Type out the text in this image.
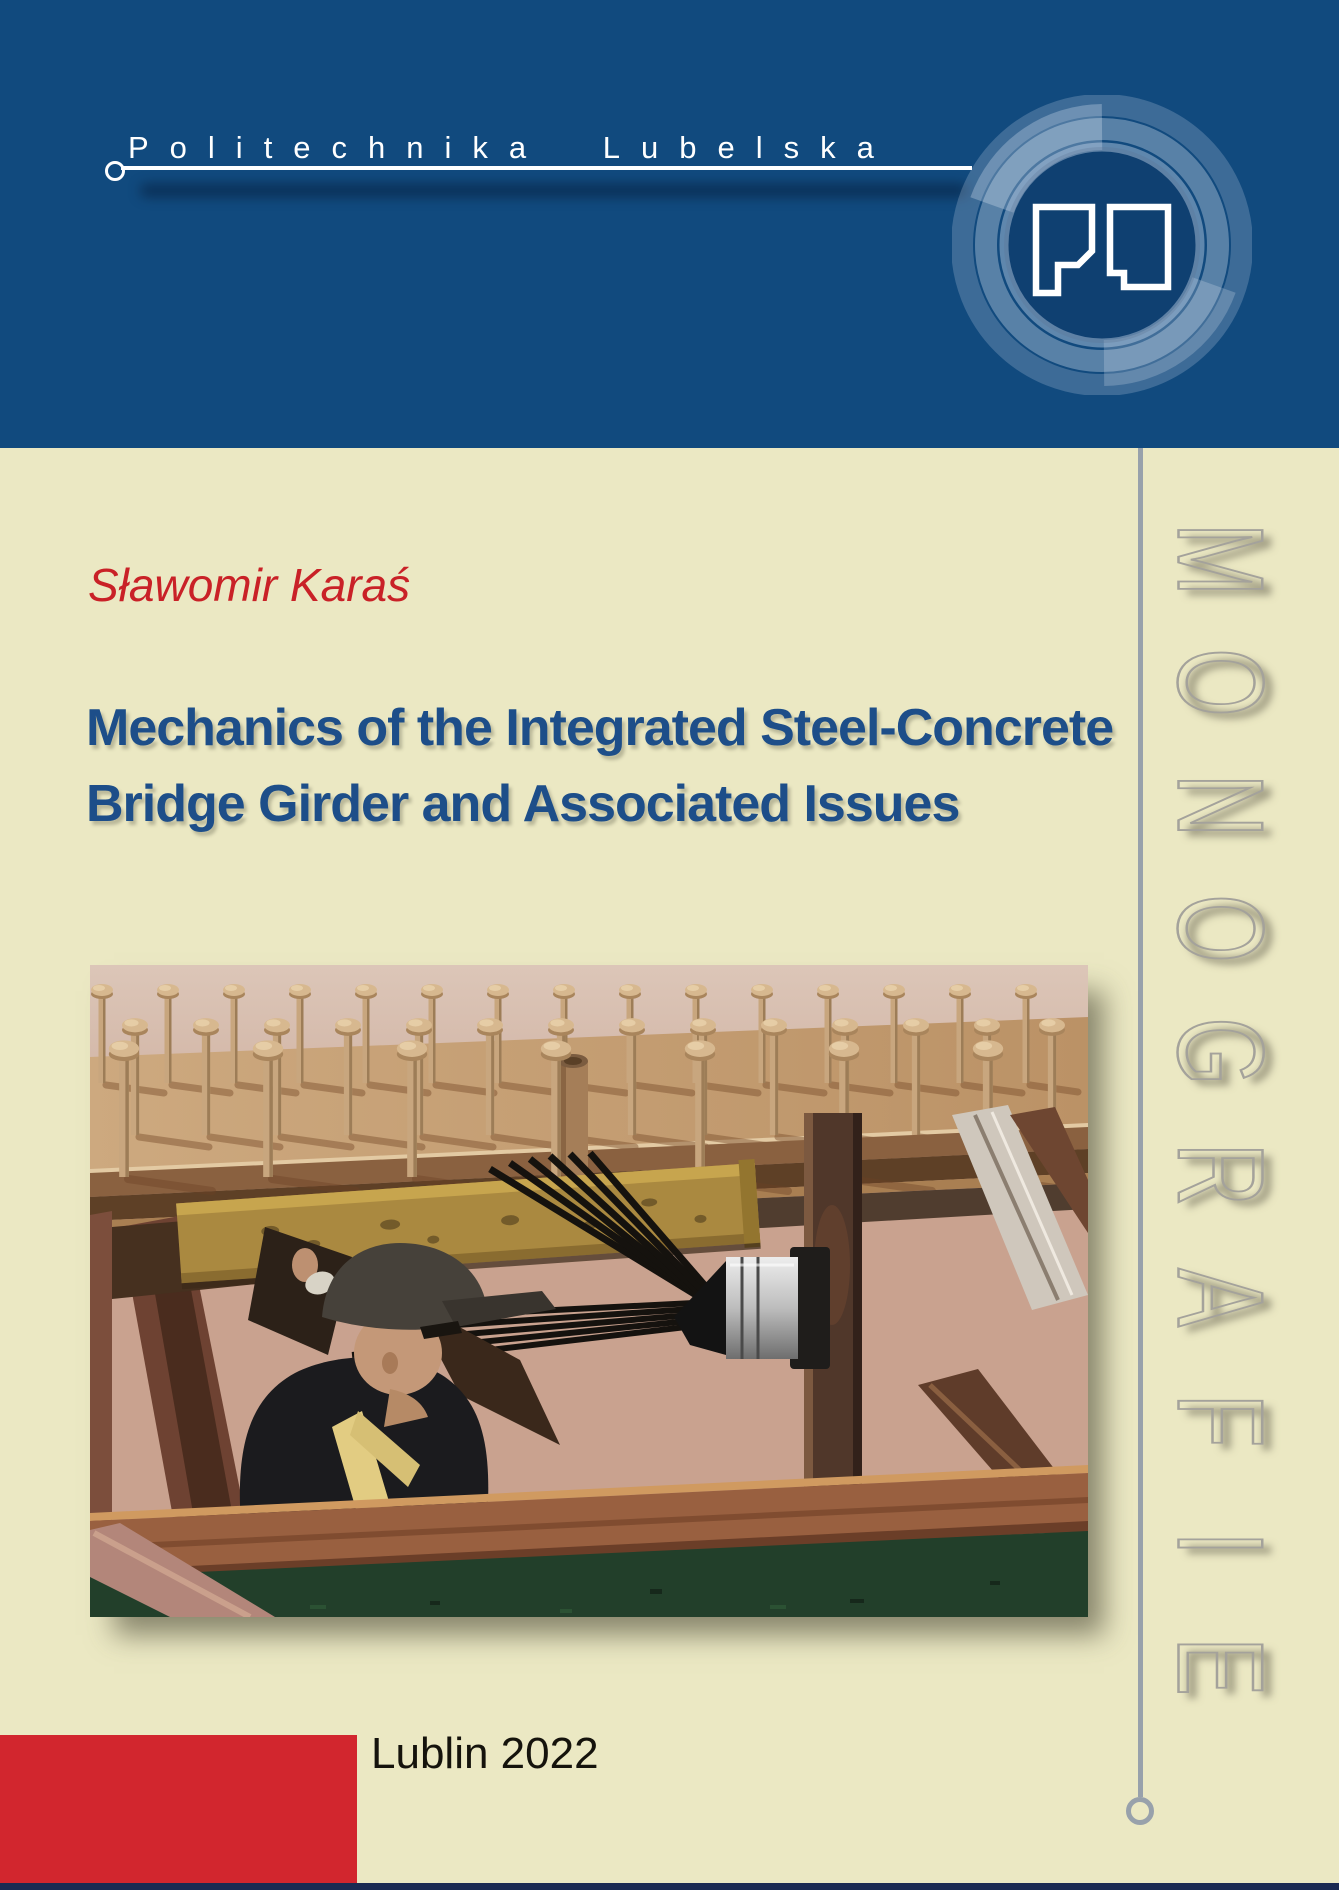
Politechnika Lubelska
Sławomir Karaś
Mechanics of the Integrated Steel-Concrete
Bridge Girder and Associated Issues
M
O
N
O
G
R
A
F
I
E
Lublin 2022
